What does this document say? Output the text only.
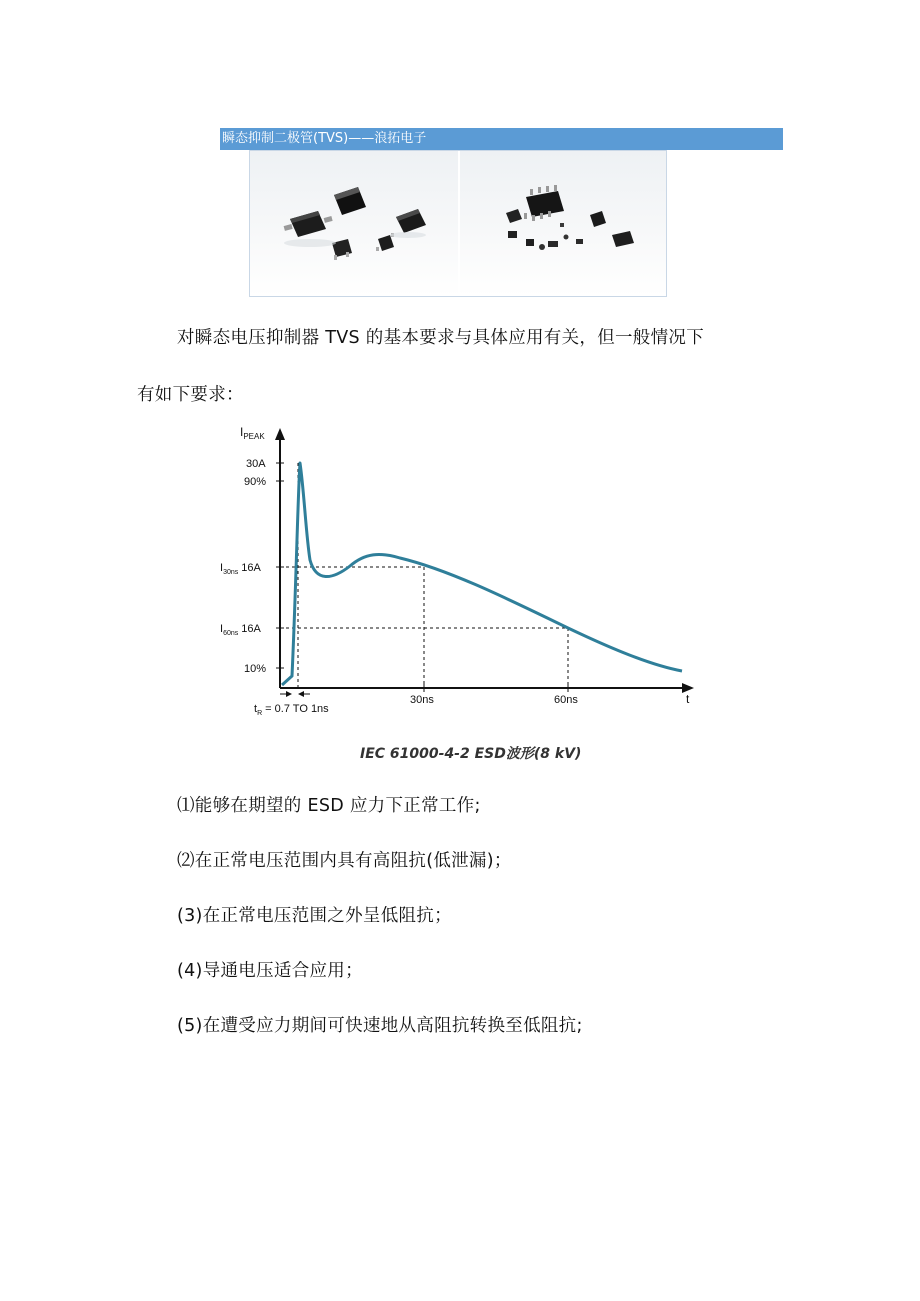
瞬态抑制二极管(TVS)——浪拓电子
对瞬态电压抑制器 TVS 的基本要求与具体应用有关，但一般情况下
有如下要求：
$I_{PEAK}$
30A
90%
$I_{30ns}$ 16A
$I_{60ns}$ 16A
10%
30ns	60ns	t
$t_R = 0.7$ TO 1ns
IEC 61000-4-2 ESD波形(8 kV)
⑴能够在期望的 ESD 应力下正常工作;
⑵在正常电压范围内具有高阻抗(低泄漏)；
(3)在正常电压范围之外呈低阻抗；
(4)导通电压适合应用；
(5)在遭受应力期间可快速地从高阻抗转换至低阻抗;
